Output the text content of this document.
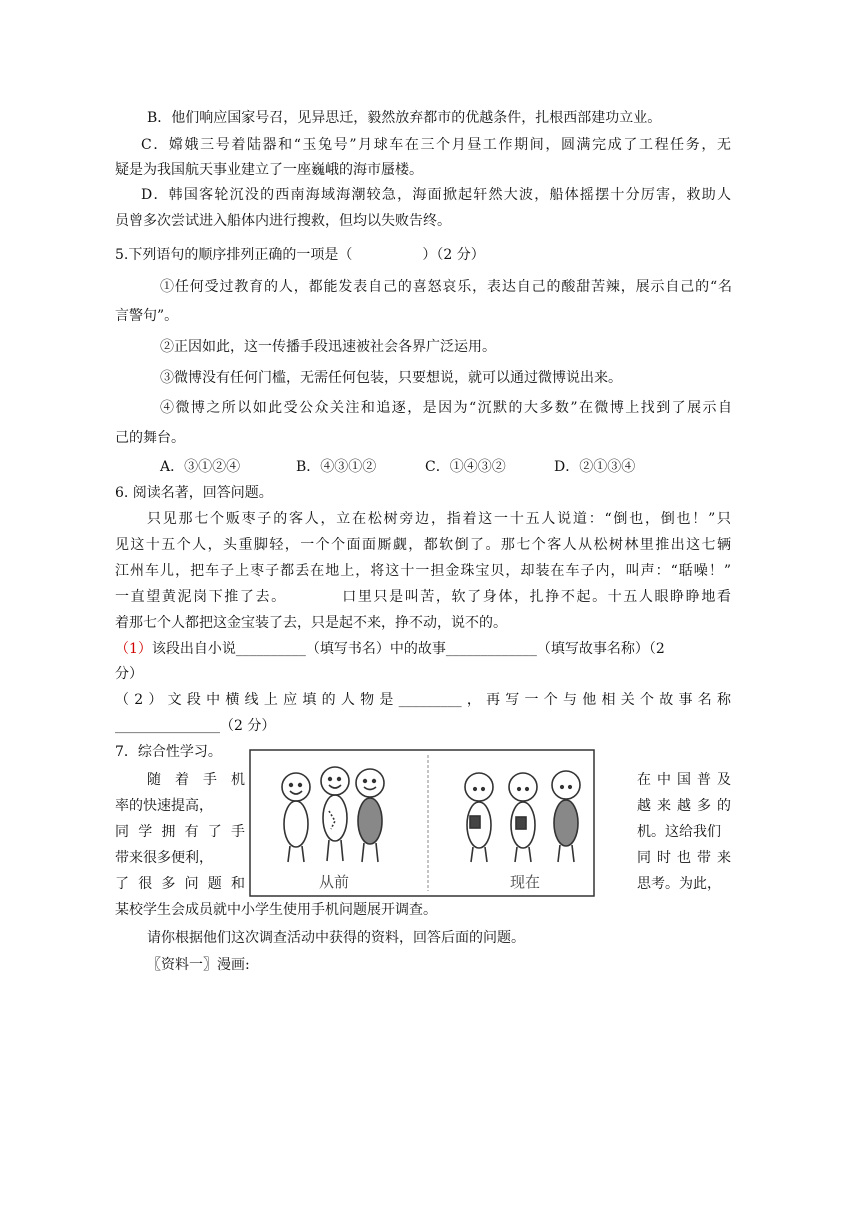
B．他们响应国家号召，见异思迁，毅然放弃都市的优越条件，扎根西部建功立业。
C．嫦娥三号着陆器和“玉兔号”月球车在三个月昼工作期间，圆满完成了工程任务，无
疑是为我国航天事业建立了一座巍峨的海市蜃楼。
D．韩国客轮沉没的西南海域海潮较急，海面掀起轩然大波，船体摇摆十分厉害，救助人
员曾多次尝试进入船体内进行搜救，但均以失败告终。
5.下列语句的顺序排列正确的一项是（　　　　　）（2 分）
①任何受过教育的人，都能发表自己的喜怒哀乐，表达自己的酸甜苦辣，展示自己的“名
言警句”。
②正因如此，这一传播手段迅速被社会各界广泛运用。
③微博没有任何门槛，无需任何包装，只要想说，就可以通过微博说出来。
④微博之所以如此受公众关注和追逐，是因为“沉默的大多数”在微博上找到了展示自
己的舞台。
A．③①②④	B．④③①②	C．①④③②	D．②①③④
6. 阅读名著，回答问题。
只见那七个贩枣子的客人，立在松树旁边，指着这一十五人说道：“倒也，倒也！”只
见这十五个人，头重脚轻，一个个面面厮觑，都软倒了。那七个客人从松树林里推出这七辆
江州车儿，把车子上枣子都丢在地上，将这十一担金珠宝贝，却装在车子内，叫声：“聒噪！”
一直望黄泥岗下推了去。　　　　口里只是叫苦，软了身体，扎挣不起。十五人眼睁睁地看
着那七个人都把这金宝装了去，只是起不来，挣不动，说不的。
（1）该段出自小说__________（填写书名）中的故事_____________（填写故事名称）（2
分）
（2）文段中横线上应填的人物是_________，再写一个与他相关个故事名称
_______________（2 分）
7．综合性学习。
随着手机	在中国普及
率的快速提高，	越来越多的
同学拥有了手	机。这给我们
带来很多便利，	同时也带来
了很多问题和	思考。为此，
某校学生会成员就中小学生使用手机问题展开调查。
请你根据他们这次调查活动中获得的资料，回答后面的问题。
〖资料一〗漫画:
从前	现在
